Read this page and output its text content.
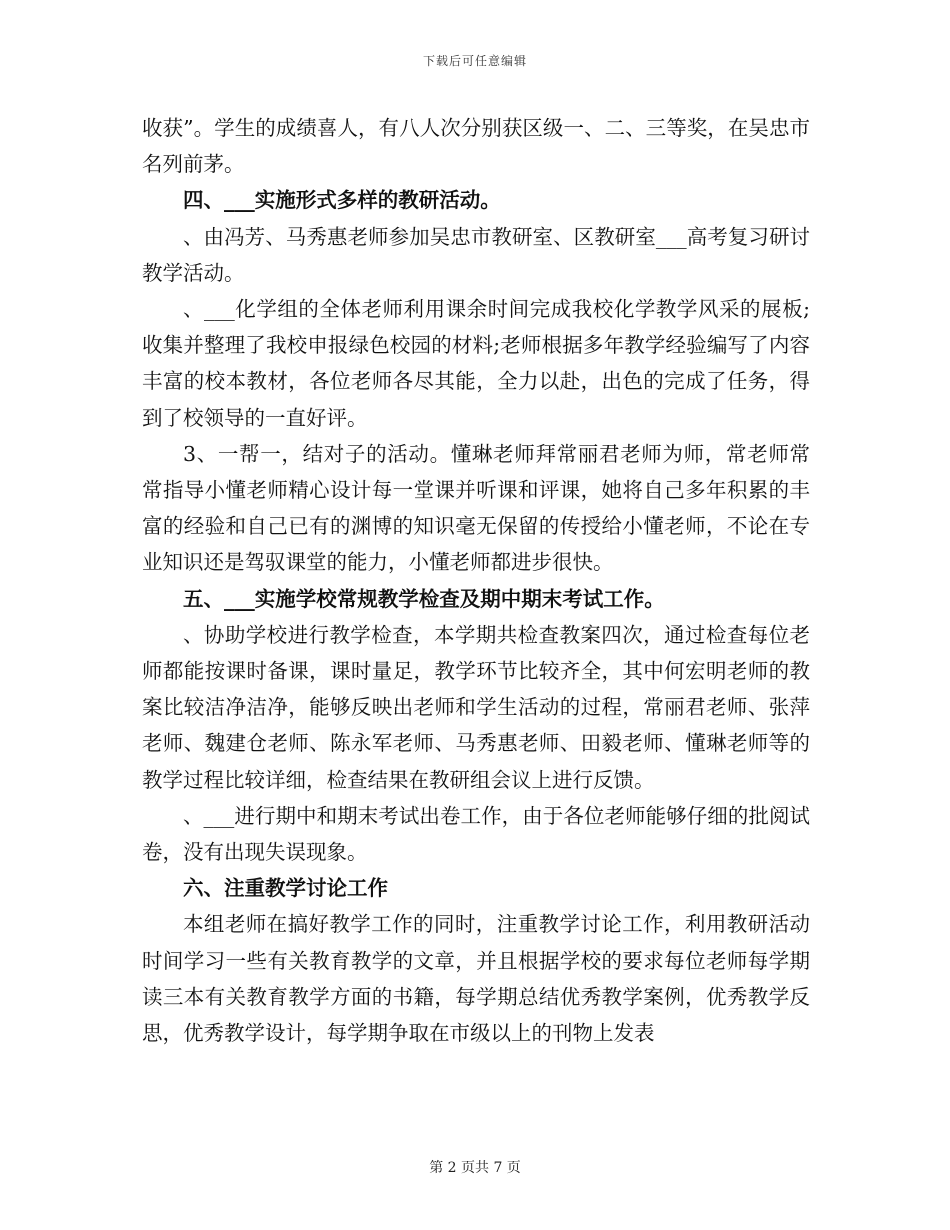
下载后可任意编辑

收获”。学生的成绩喜人，有八人次分别获区级一、二、三等奖，在吴忠市名列前茅。

四、___实施形式多样的教研活动。

、由冯芳、马秀惠老师参加吴忠市教研室、区教研室___高考复习研讨教学活动。

、___化学组的全体老师利用课余时间完成我校化学教学风采的展板;收集并整理了我校申报绿色校园的材料;老师根据多年教学经验编写了内容丰富的校本教材，各位老师各尽其能，全力以赴，出色的完成了任务，得到了校领导的一直好评。

3、一帮一，结对子的活动。懂琳老师拜常丽君老师为师，常老师常常指导小懂老师精心设计每一堂课并听课和评课，她将自己多年积累的丰富的经验和自己已有的渊博的知识毫无保留的传授给小懂老师，不论在专业知识还是驾驭课堂的能力，小懂老师都进步很快。

五、___实施学校常规教学检查及期中期末考试工作。

、协助学校进行教学检查，本学期共检查教案四次，通过检查每位老师都能按课时备课，课时量足，教学环节比较齐全，其中何宏明老师的教案比较洁净洁净，能够反映出老师和学生活动的过程，常丽君老师、张萍老师、魏建仓老师、陈永军老师、马秀惠老师、田毅老师、懂琳老师等的教学过程比较详细，检查结果在教研组会议上进行反馈。

、___进行期中和期末考试出卷工作，由于各位老师能够仔细的批阅试卷，没有出现失误现象。

六、注重教学讨论工作

本组老师在搞好教学工作的同时，注重教学讨论工作，利用教研活动时间学习一些有关教育教学的文章，并且根据学校的要求每位老师每学期读三本有关教育教学方面的书籍，每学期总结优秀教学案例，优秀教学反思，优秀教学设计，每学期争取在市级以上的刊物上发表

第 2 页共 7 页
